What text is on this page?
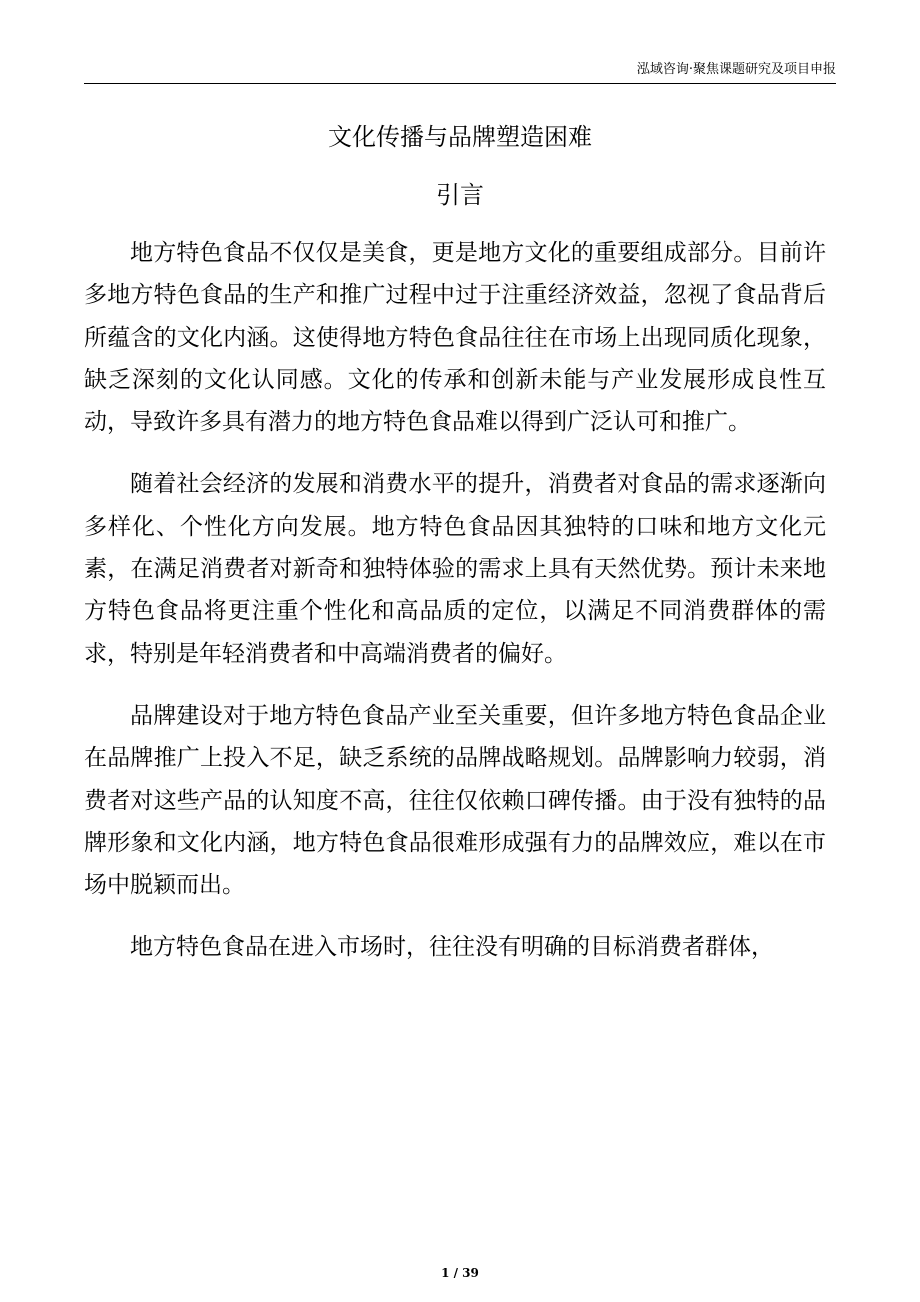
泓域咨询·聚焦课题研究及项目申报
文化传播与品牌塑造困难
引言

地方特色食品不仅仅是美食，更是地方文化的重要组成部分。目前许多地方特色食品的生产和推广过程中过于注重经济效益，忽视了食品背后所蕴含的文化内涵。这使得地方特色食品往往在市场上出现同质化现象，缺乏深刻的文化认同感。文化的传承和创新未能与产业发展形成良性互动，导致许多具有潜力的地方特色食品难以得到广泛认可和推广。

随着社会经济的发展和消费水平的提升，消费者对食品的需求逐渐向多样化、个性化方向发展。地方特色食品因其独特的口味和地方文化元素，在满足消费者对新奇和独特体验的需求上具有天然优势。预计未来地方特色食品将更注重个性化和高品质的定位，以满足不同消费群体的需求，特别是年轻消费者和中高端消费者的偏好。

品牌建设对于地方特色食品产业至关重要，但许多地方特色食品企业在品牌推广上投入不足，缺乏系统的品牌战略规划。品牌影响力较弱，消费者对这些产品的认知度不高，往往仅依赖口碑传播。由于没有独特的品牌形象和文化内涵，地方特色食品很难形成强有力的品牌效应，难以在市场中脱颖而出。

地方特色食品在进入市场时，往往没有明确的目标消费者群体，

1 / 39
